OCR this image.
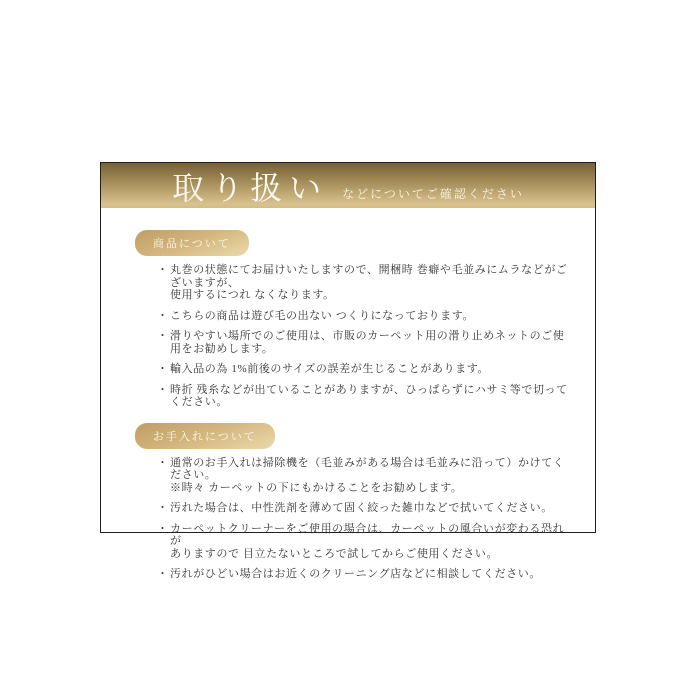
取り扱い などについてご確認ください
商品について
・ 丸巻の状態にてお届けいたしますので、開梱時 巻癖や毛並みにムラなどがございますが、
使用するにつれ なくなります。
・ こちらの商品は遊び毛の出ない つくりになっております。
・ 滑りやすい場所でのご使用は、市販のカーペット用の滑り止めネットのご使用をお勧めします。
・ 輸入品の為 1%前後のサイズの誤差が生じることがあります。
・ 時折 残糸などが出ていることがありますが、ひっぱらずにハサミ等で切ってください。
お手入れについて
・ 通常のお手入れは掃除機を（毛並みがある場合は毛並みに沿って）かけてください。
※時々 カーペットの下にもかけることをお勧めします。
・ 汚れた場合は、中性洗剤を薄めて固く絞った雑巾などで拭いてください。
・ カーペットクリーナーをご使用の場合は、カーペットの風合いが変わる恐れが
ありますので 目立たないところで試してからご使用ください。
・ 汚れがひどい場合はお近くのクリーニング店などに相談してください。
